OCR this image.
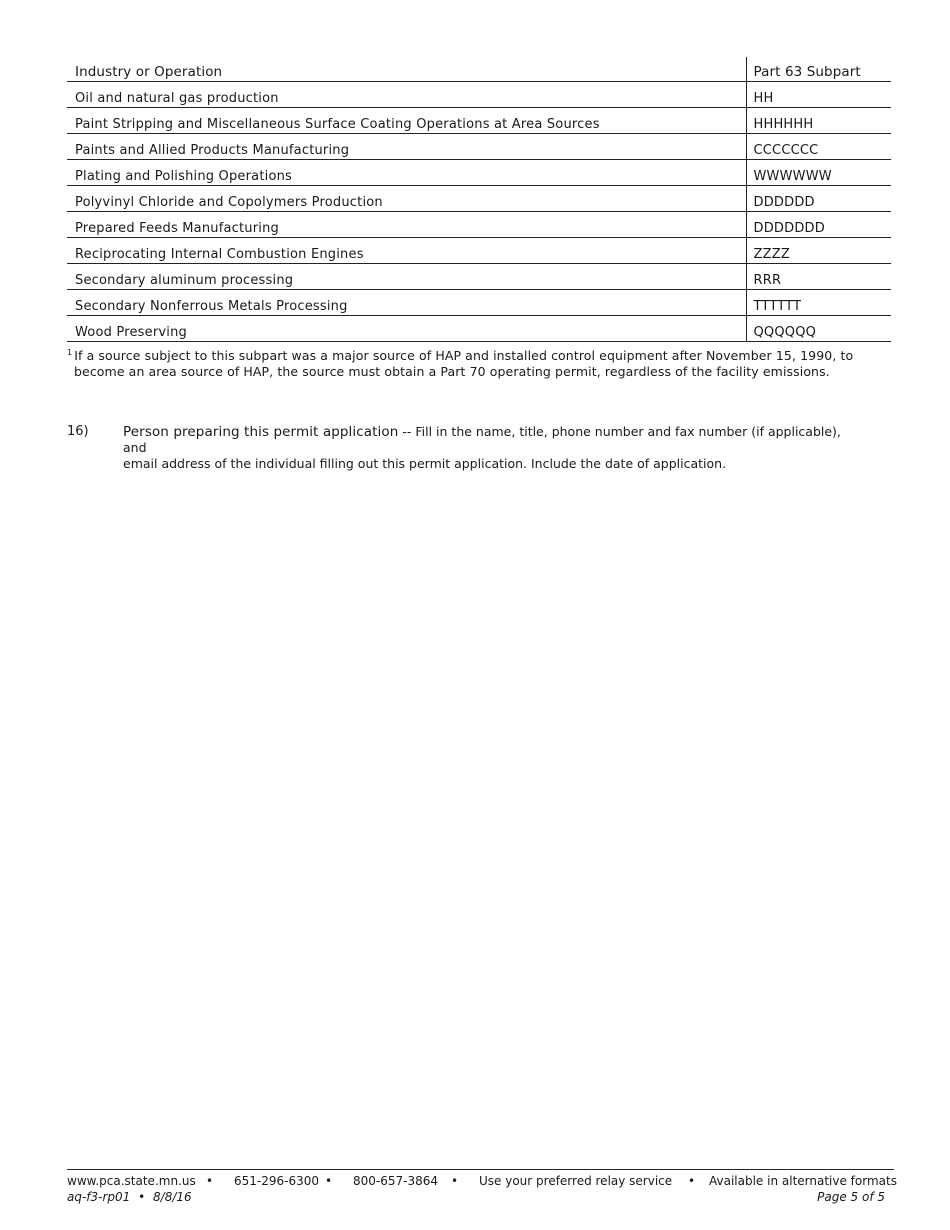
Industry or Operation	Part 63 Subpart
Oil and natural gas production	HH
Paint Stripping and Miscellaneous Surface Coating Operations at Area Sources	HHHHHH
Paints and Allied Products Manufacturing	CCCCCCC
Plating and Polishing Operations	WWWWWW
Polyvinyl Chloride and Copolymers Production	DDDDDD
Prepared Feeds Manufacturing	DDDDDDD
Reciprocating Internal Combustion Engines	ZZZZ
Secondary aluminum processing	RRR
Secondary Nonferrous Metals Processing	TTTTTT
Wood Preserving	QQQQQQ
$^1$ If a source subject to this subpart was a major source of HAP and installed control equipment after November 15, 1990, to
become an area source of HAP, the source must obtain a Part 70 operating permit, regardless of the facility emissions.
16)	Person preparing this permit application -- Fill in the name, title, phone number and fax number (if applicable), and
email address of the individual filling out this permit application. Include the date of application.
www.pca.state.mn.us • 651-296-6300 • 800-657-3864 • Use your preferred relay service • Available in alternative formats
aq-f3-rp01 • 8/8/16	Page 5 of 5
